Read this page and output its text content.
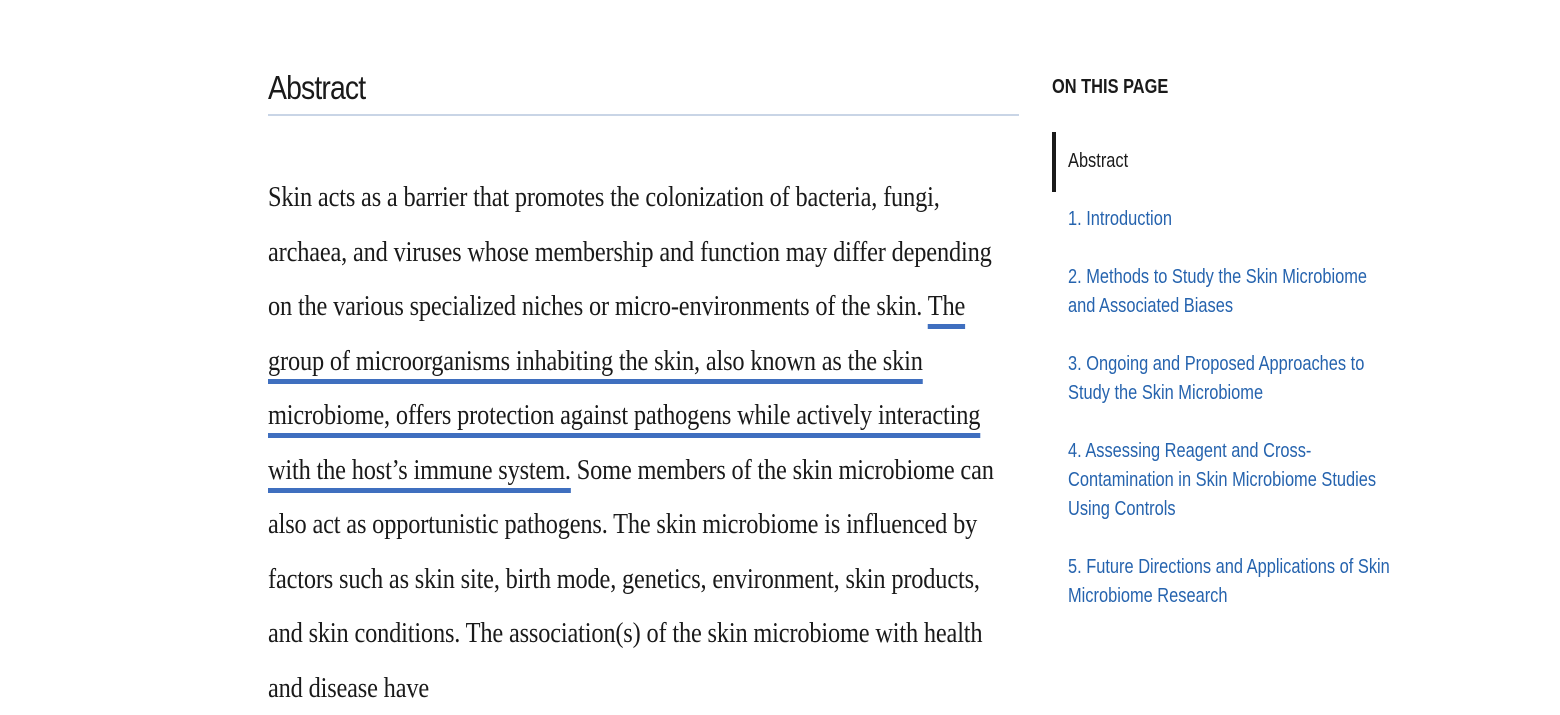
Abstract

Skin acts as a barrier that promotes the colonization of bacteria, fungi, archaea, and viruses whose membership and function may differ depending on the various specialized niches or micro-environments of the skin. The group of microorganisms inhabiting the skin, also known as the skin microbiome, offers protection against pathogens while actively interacting with the host’s immune system. Some members of the skin microbiome can also act as opportunistic pathogens. The skin microbiome is influenced by factors such as skin site, birth mode, genetics, environment, skin products, and skin conditions. The association(s) of the skin microbiome with health and disease have

ON THIS PAGE
Abstract
1. Introduction
2. Methods to Study the Skin Microbiome and Associated Biases
3. Ongoing and Proposed Approaches to Study the Skin Microbiome
4. Assessing Reagent and Cross-Contamination in Skin Microbiome Studies Using Controls
5. Future Directions and Applications of Skin Microbiome Research
